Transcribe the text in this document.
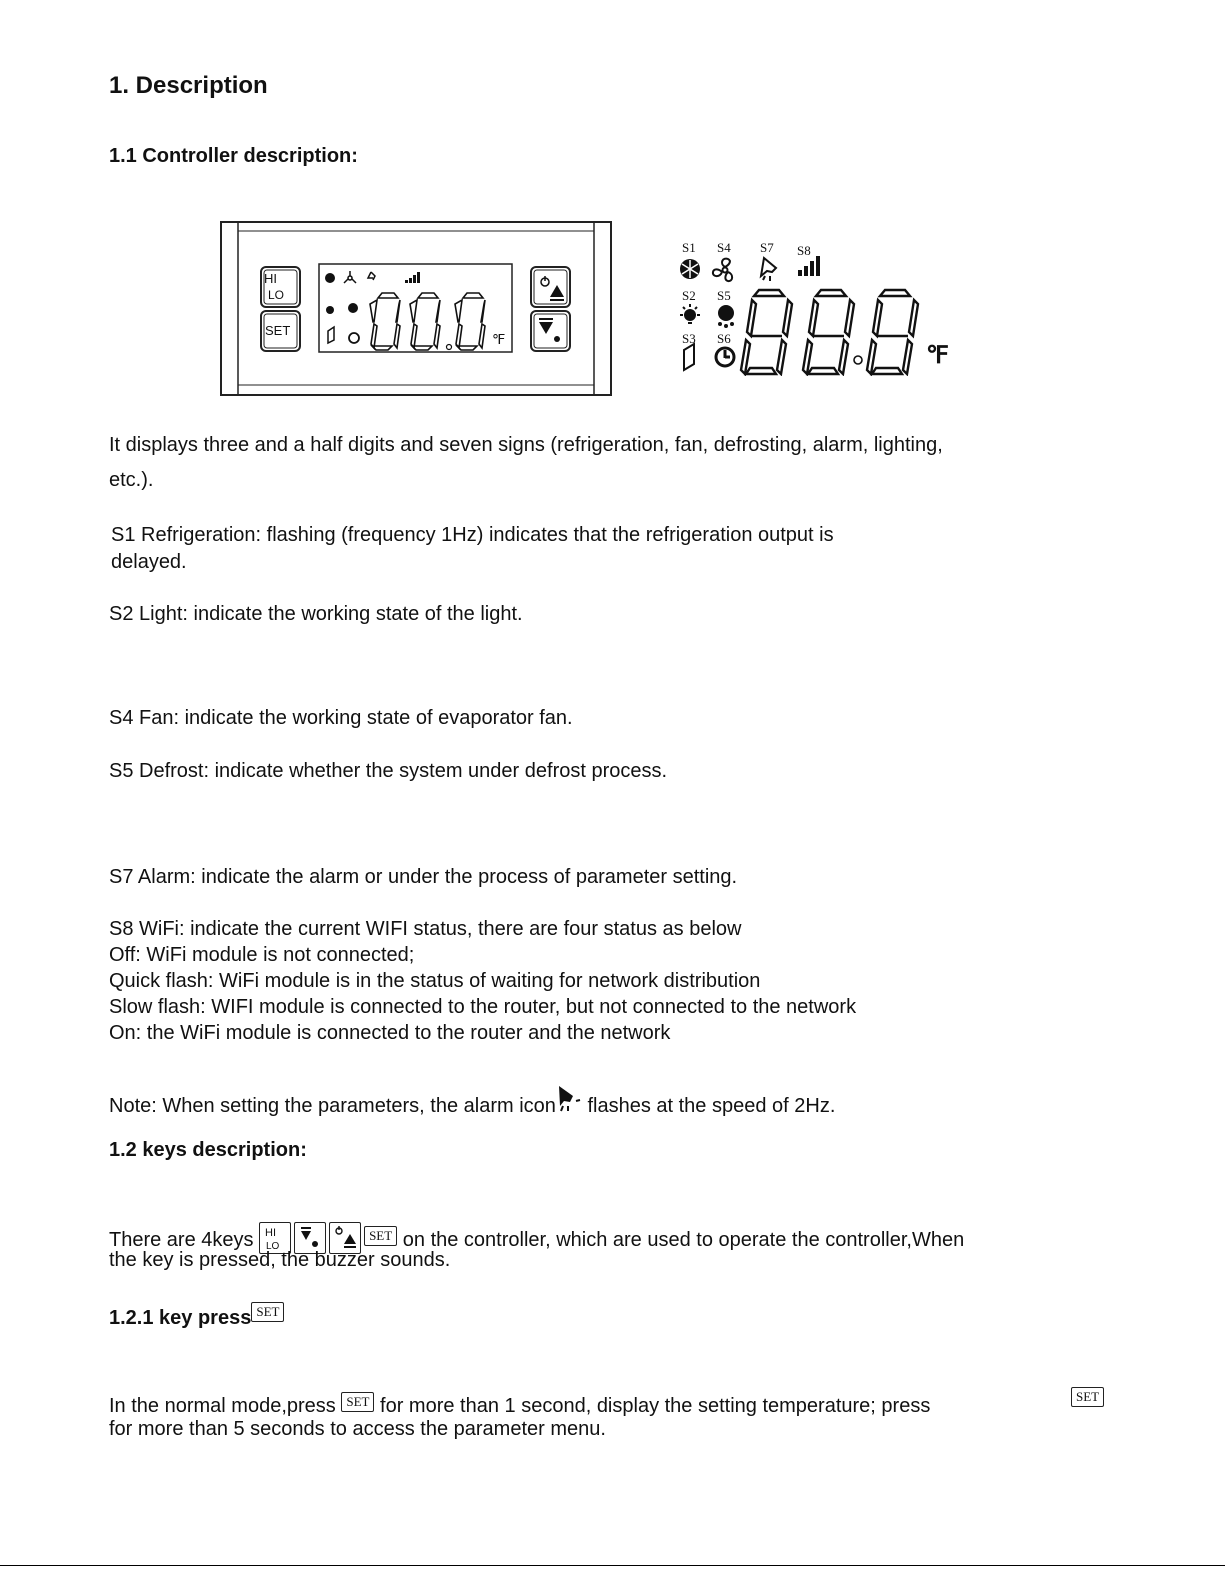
1. Description
1.1 Controller description:
HI
LO
SET
℉
S1 S4 S7 S8
S2 S5
S3 S6
℉
It displays three and a half digits and seven signs (refrigeration, fan, defrosting, alarm, lighting,
etc.).
S1 Refrigeration: flashing (frequency 1Hz) indicates that the refrigeration output is
delayed.
S2 Light: indicate the working state of the light.
S4 Fan: indicate the working state of evaporator fan.
S5 Defrost: indicate whether the system under defrost process.
S7 Alarm: indicate the alarm or under the process of parameter setting.
S8 WiFi: indicate the current WIFI status, there are four status as below
Off: WiFi module is not connected;
Quick flash: WiFi module is in the status of waiting for network distribution
Slow flash: WIFI module is connected to the router, but not connected to the network
On: the WiFi module is connected to the router and the network
Note: When setting the parameters, the alarm icon flashes at the speed of 2Hz.
1.2 keys description:
There are 4keys HI
LO
SET on the controller, which are used to operate the controller,When
the key is pressed, the buzzer sounds.
1.2.1 key press SET
In the normal mode,press SET for more than 1 second, display the setting temperature; press	SET
for more than 5 seconds to access the parameter menu.
